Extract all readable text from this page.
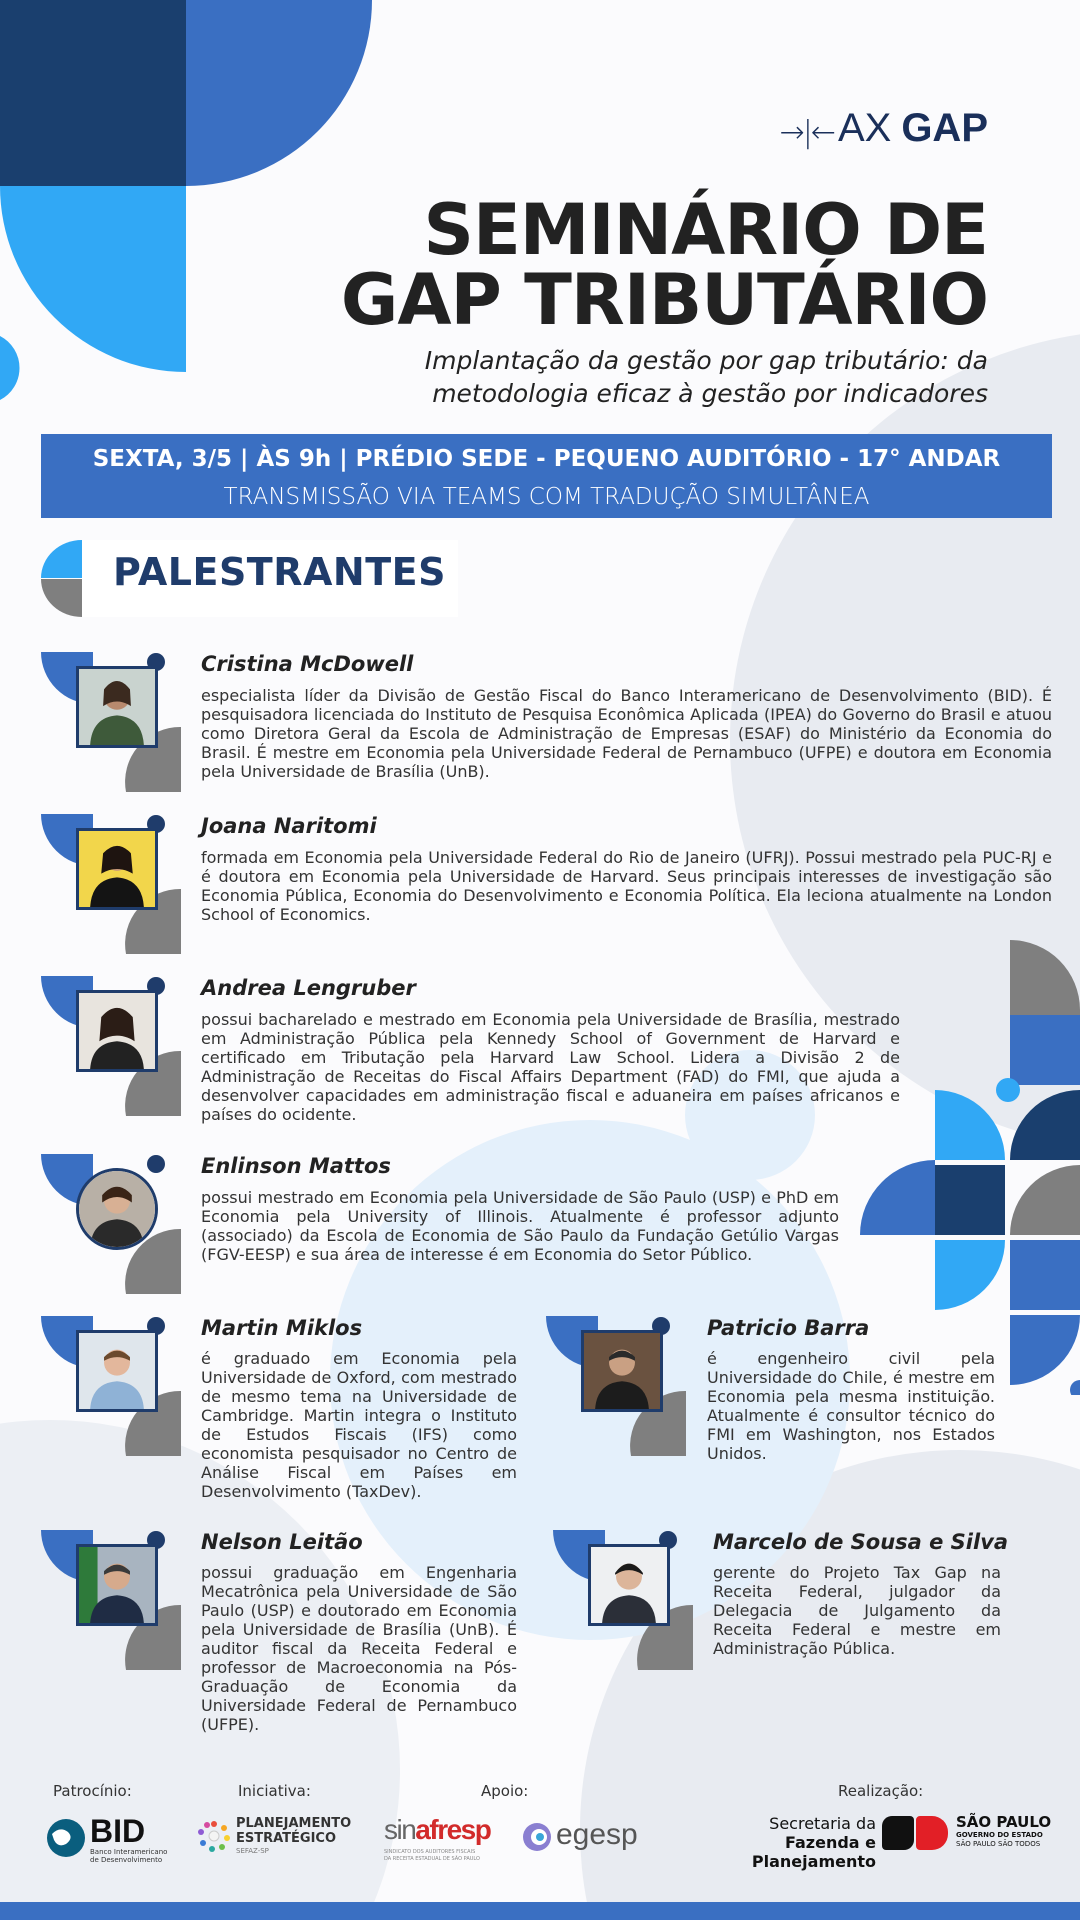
→|← AX GAP
SEMINÁRIO DE
GAP TRIBUTÁRIO
Implantação da gestão por gap tributário: da
metodologia eficaz à gestão por indicadores
SEXTA, 3/5 | ÀS 9h | PRÉDIO SEDE - PEQUENO AUDITÓRIO - 17° ANDAR
TRANSMISSÃO VIA TEAMS COM TRADUÇÃO SIMULTÂNEA
PALESTRANTES
Cristina McDowell
especialista líder da Divisão de Gestão Fiscal do Banco Interamericano de Desenvolvimento (BID). É pesquisadora licenciada do Instituto de Pesquisa Econômica Aplicada (IPEA) do Governo do Brasil e atuou como Diretora Geral da Escola de Administração de Empresas (ESAF) do Ministério da Economia do Brasil. É mestre em Economia pela Universidade Federal de Pernambuco (UFPE) e doutora em Economia pela Universidade de Brasília (UnB).
Joana Naritomi
formada em Economia pela Universidade Federal do Rio de Janeiro (UFRJ). Possui mestrado pela PUC-RJ e é doutora em Economia pela Universidade de Harvard. Seus principais interesses de investigação são Economia Pública, Economia do Desenvolvimento e Economia Política. Ela leciona atualmente na London School of Economics.
Andrea Lengruber
possui bacharelado e mestrado em Economia pela Universidade de Brasília, mestrado em Administração Pública pela Kennedy School of Government de Harvard e certificado em Tributação pela Harvard Law School. Lidera a Divisão 2 de Administração de Receitas do Fiscal Affairs Department (FAD) do FMI, que ajuda a desenvolver capacidades em administração fiscal e aduaneira em países africanos e países do ocidente.
Enlinson Mattos
possui mestrado em Economia pela Universidade de São Paulo (USP) e PhD em Economia pela University of Illinois. Atualmente é professor adjunto (associado) da Escola de Economia de São Paulo da Fundação Getúlio Vargas (FGV-EESP) e sua área de interesse é em Economia do Setor Público.
Martin Miklos
é graduado em Economia pela Universidade de Oxford, com mestrado de mesmo tema na Universidade de Cambridge. Martin integra o Instituto de Estudos Fiscais (IFS) como economista pesquisador no Centro de Análise Fiscal em Países em Desenvolvimento (TaxDev).
Patricio Barra
é engenheiro civil pela Universidade do Chile, é mestre em Economia pela mesma instituição. Atualmente é consultor técnico do FMI em Washington, nos Estados Unidos.
Nelson Leitão
possui graduação em Engenharia Mecatrônica pela Universidade de São Paulo (USP) e doutorado em Economia pela Universidade de Brasília (UnB). É auditor fiscal da Receita Federal e professor de Macroeconomia na Pós-Graduação de Economia da Universidade Federal de Pernambuco (UFPE).
Marcelo de Sousa e Silva
gerente do Projeto Tax Gap na Receita Federal, julgador da Delegacia de Julgamento da Receita Federal e mestre em Administração Pública.
Patrocínio:	Iniciativa:	Apoio:	Realização:
BID
Banco Interamericano
de Desenvolvimento
PLANEJAMENTO
ESTRATÉGICO
SEFAZ-SP
sinafresp
SINDICATO DOS AUDITORES FISCAIS
DA RECEITA ESTADUAL DE SÃO PAULO
egesp	Secretaria da
Fazenda e Planejamento
SÃO PAULO
GOVERNO DO ESTADO
SÃO PAULO SÃO TODOS
